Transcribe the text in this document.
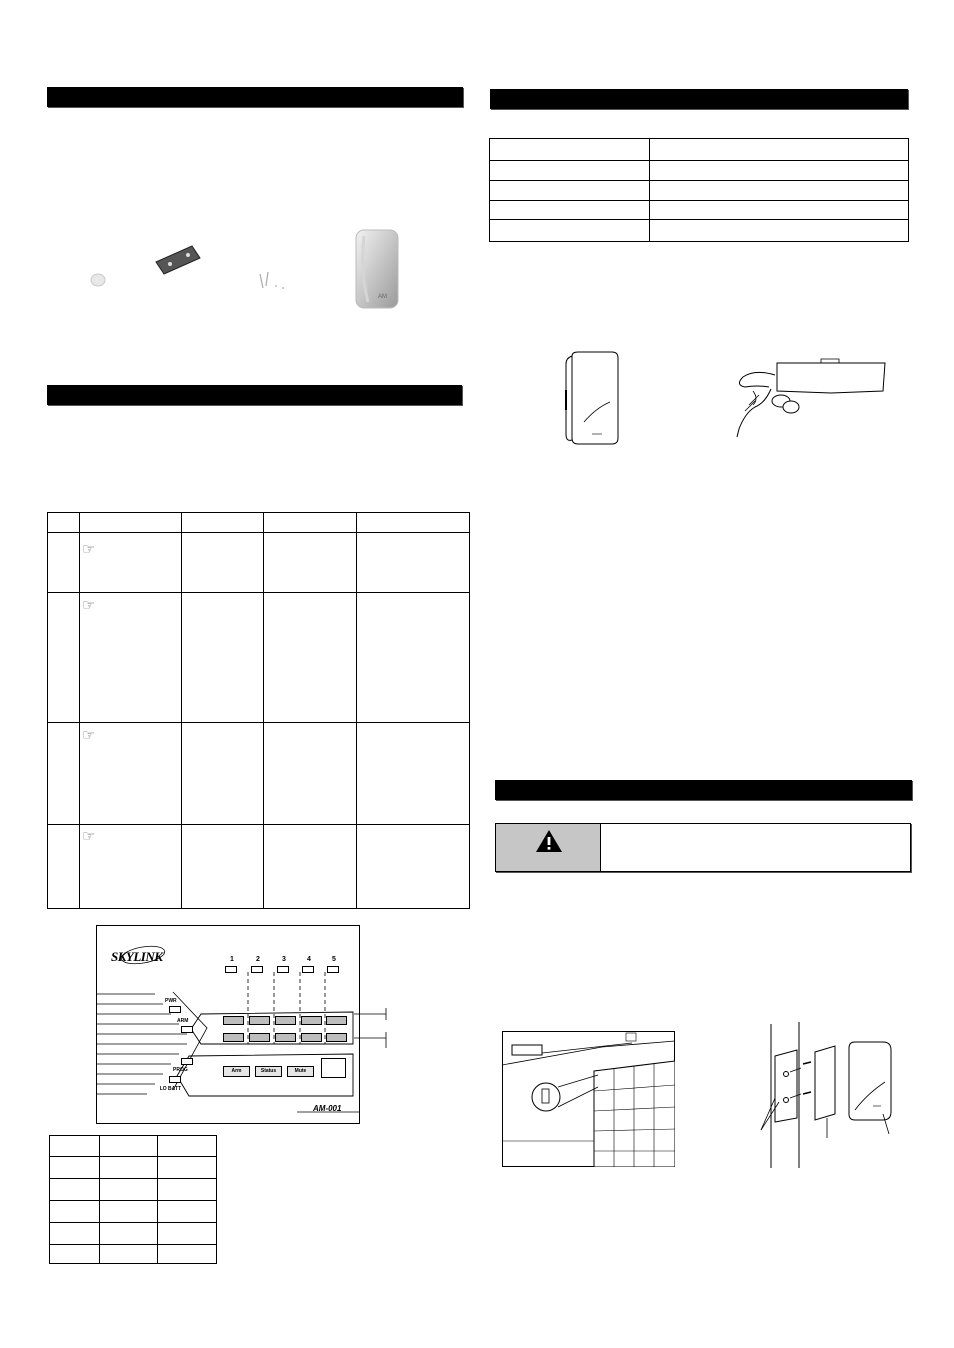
AM

☞
☞
☞
☞
SKYLINK	1	2	3	4	5
PWR
ARM
PROG
LO BATT
Arm	Status	Mute
AM-001
